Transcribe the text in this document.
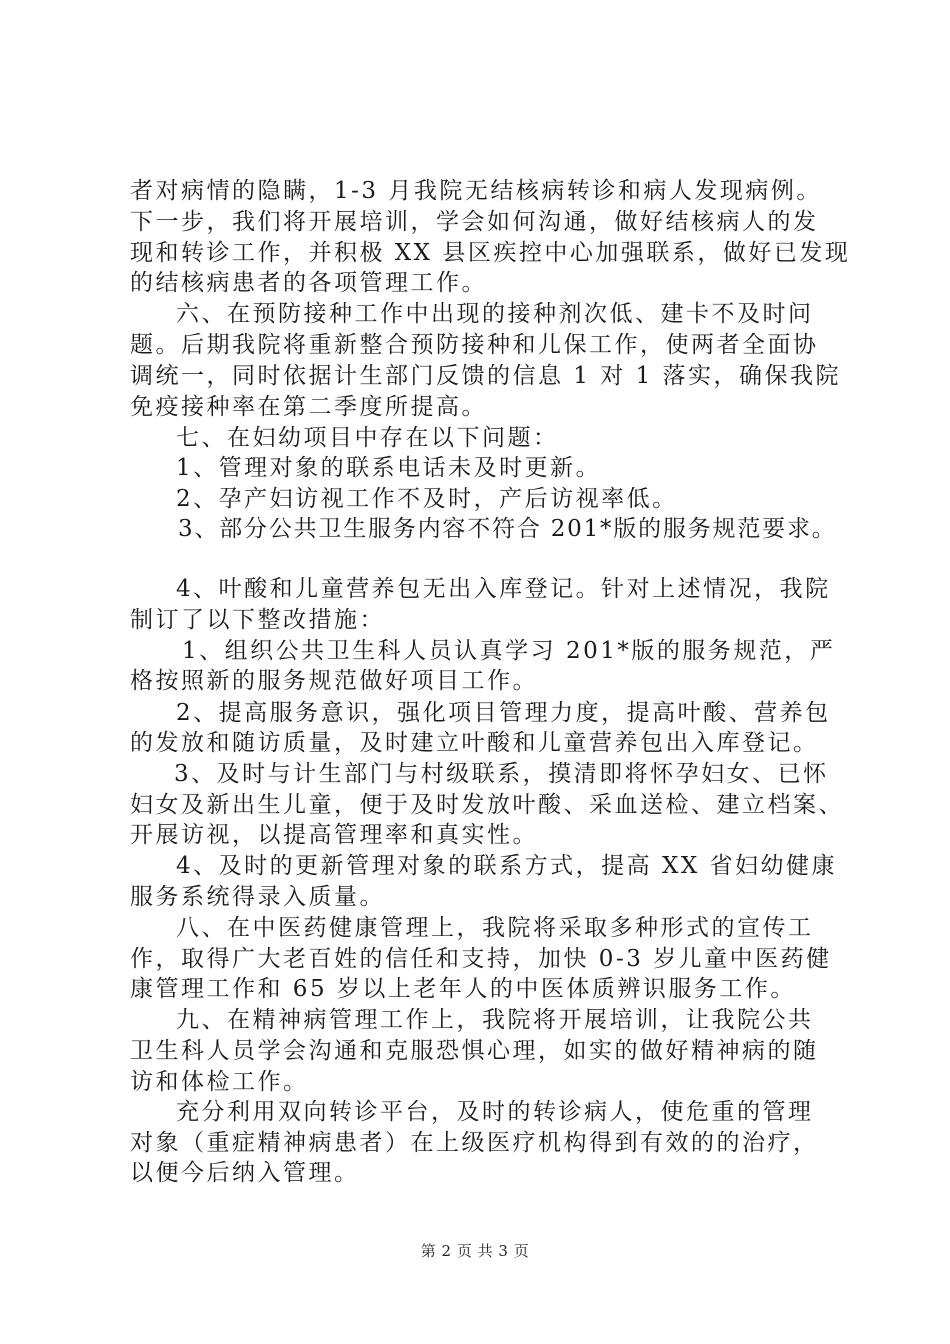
者对病情的隐瞒，1-3 月我院无结核病转诊和病人发现病例。
下一步，我们将开展培训，学会如何沟通，做好结核病人的发
现和转诊工作，并积极 XX 县区疾控中心加强联系，做好已发现
的结核病患者的各项管理工作。
六、在预防接种工作中出现的接种剂次低、建卡不及时问
题。后期我院将重新整合预防接种和儿保工作，使两者全面协
调统一，同时依据计生部门反馈的信息 1 对 1 落实，确保我院
免疫接种率在第二季度所提高。
七、在妇幼项目中存在以下问题：
1、管理对象的联系电话未及时更新。
2、孕产妇访视工作不及时，产后访视率低。
3、部分公共卫生服务内容不符合 201*版的服务规范要求。
4、叶酸和儿童营养包无出入库登记。针对上述情况，我院
制订了以下整改措施：
1、组织公共卫生科人员认真学习 201*版的服务规范，严
格按照新的服务规范做好项目工作。
2、提高服务意识，强化项目管理力度，提高叶酸、营养包
的发放和随访质量，及时建立叶酸和儿童营养包出入库登记。
3、及时与计生部门与村级联系，摸清即将怀孕妇女、已怀
妇女及新出生儿童，便于及时发放叶酸、采血送检、建立档案、
开展访视，以提高管理率和真实性。
4、及时的更新管理对象的联系方式，提高 XX 省妇幼健康
服务系统得录入质量。
八、在中医药健康管理上，我院将采取多种形式的宣传工
作，取得广大老百姓的信任和支持，加快 0-3 岁儿童中医药健
康管理工作和 65 岁以上老年人的中医体质辨识服务工作。
九、在精神病管理工作上，我院将开展培训，让我院公共
卫生科人员学会沟通和克服恐惧心理，如实的做好精神病的随
访和体检工作。
充分利用双向转诊平台，及时的转诊病人，使危重的管理
对象（重症精神病患者）在上级医疗机构得到有效的的治疗，
以便今后纳入管理。
第 2 页 共 3 页
